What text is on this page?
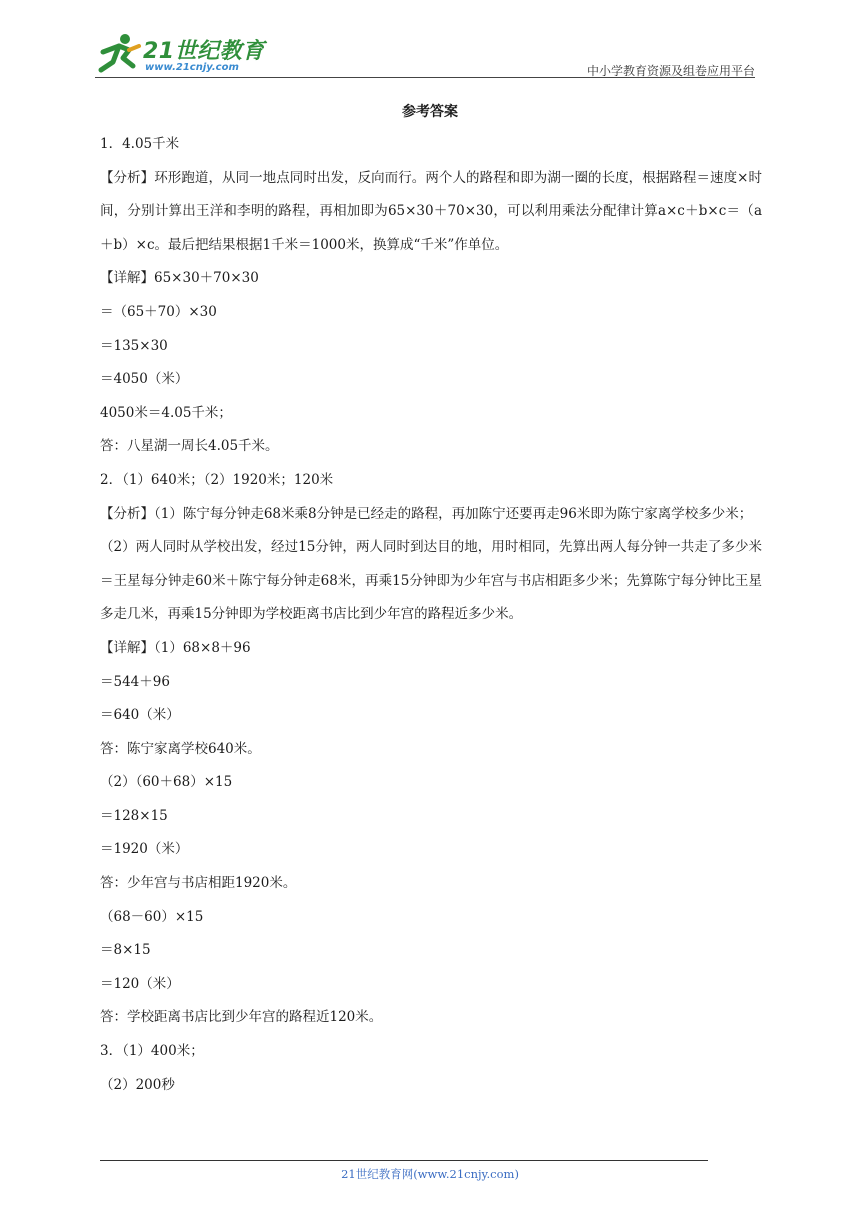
21世纪教育
www.21cnjy.com	中小学教育资源及组卷应用平台
参考答案
1．4.05千米
【分析】环形跑道，从同一地点同时出发，反向而行。两个人的路程和即为湖一圈的长度，根据路程＝速度×时间，分别计算出王洋和李明的路程，再相加即为65×30＋70×30，可以利用乘法分配律计算a×c＋b×c＝（a＋b）×c。最后把结果根据1千米＝1000米，换算成“千米”作单位。
【详解】65×30＋70×30
＝（65＋70）×30
＝135×30
＝4050（米）
4050米＝4.05千米；
答：八星湖一周长4.05千米。
2．（1）640米；（2）1920米；120米
【分析】（1）陈宁每分钟走68米乘8分钟是已经走的路程，再加陈宁还要再走96米即为陈宁家离学校多少米；
（2）两人同时从学校出发，经过15分钟，两人同时到达目的地，用时相同，先算出两人每分钟一共走了多少米＝王星每分钟走60米＋陈宁每分钟走68米，再乘15分钟即为少年宫与书店相距多少米；先算陈宁每分钟比王星多走几米，再乘15分钟即为学校距离书店比到少年宫的路程近多少米。
【详解】（1）68×8＋96
＝544＋96
＝640（米）
答：陈宁家离学校640米。
（2）（60＋68）×15
＝128×15
＝1920（米）
答：少年宫与书店相距1920米。
（68－60）×15
＝8×15
＝120（米）
答：学校距离书店比到少年宫的路程近120米。
3．（1）400米；
（2）200秒
21世纪教育网(www.21cnjy.com)
